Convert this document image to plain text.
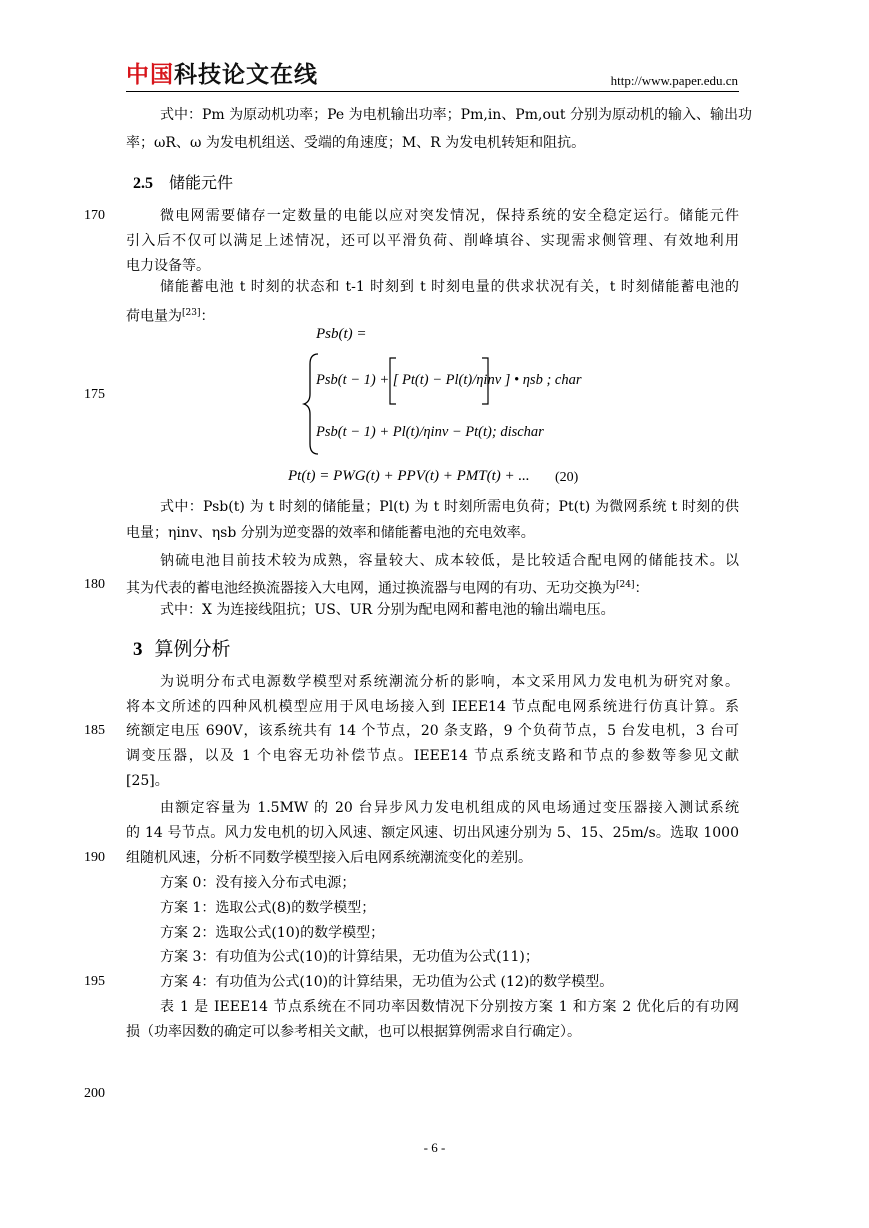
中国科技论文在线	http://www.paper.edu.cn
170
175
180
185
190
195
200
式中：Pm 为原动机功率；Pe 为电机输出功率；Pm,in、Pm,out 分别为原动机的输入、输出功
率；ωR、ω 为发电机组送、受端的角速度；M、R 为发电机转矩和阻抗。
2.5 储能元件
微电网需要储存一定数量的电能以应对突发情况，保持系统的安全稳定运行。储能元件
引入后不仅可以满足上述情况，还可以平滑负荷、削峰填谷、实现需求侧管理、有效地利用
电力设备等。
储能蓄电池 t 时刻的状态和 t-1 时刻到 t 时刻电量的供求状况有关，t 时刻储能蓄电池的
荷电量为[23]：
Psb(t) =
Psb(t − 1) + [ Pt(t) − Pl(t)/ηinv ] • ηsb ; char
Psb(t − 1) + Pl(t)/ηinv − Pt(t); dischar
Pt(t) = PWG(t) + PPV(t) + PMT(t) + ... (20)
式中：Psb(t) 为 t 时刻的储能量；Pl(t) 为 t 时刻所需电负荷；Pt(t) 为微网系统 t 时刻的供
电量；ηinv、ηsb 分别为逆变器的效率和储能蓄电池的充电效率。
钠硫电池目前技术较为成熟，容量较大、成本较低，是比较适合配电网的储能技术。以
其为代表的蓄电池经换流器接入大电网，通过换流器与电网的有功、无功交换为[24]：
式中：X 为连接线阻抗；US、UR 分别为配电网和蓄电池的输出端电压。
3 算例分析
为说明分布式电源数学模型对系统潮流分析的影响，本文采用风力发电机为研究对象。
将本文所述的四种风机模型应用于风电场接入到 IEEE14 节点配电网系统进行仿真计算。系
统额定电压 690V，该系统共有 14 个节点，20 条支路，9 个负荷节点，5 台发电机，3 台可
调变压器，以及 1 个电容无功补偿节点。IEEE14 节点系统支路和节点的参数等参见文献
[25]。
由额定容量为 1.5MW 的 20 台异步风力发电机组成的风电场通过变压器接入测试系统
的 14 号节点。风力发电机的切入风速、额定风速、切出风速分别为 5、15、25m/s。选取 1000
组随机风速，分析不同数学模型接入后电网系统潮流变化的差别。
方案 0：没有接入分布式电源；
方案 1：选取公式(8)的数学模型；
方案 2：选取公式(10)的数学模型；
方案 3：有功值为公式(10)的计算结果，无功值为公式(11)；
方案 4：有功值为公式(10)的计算结果，无功值为公式 (12)的数学模型。
表 1 是 IEEE14 节点系统在不同功率因数情况下分别按方案 1 和方案 2 优化后的有功网
损（功率因数的确定可以参考相关文献，也可以根据算例需求自行确定）。
- 6 -
